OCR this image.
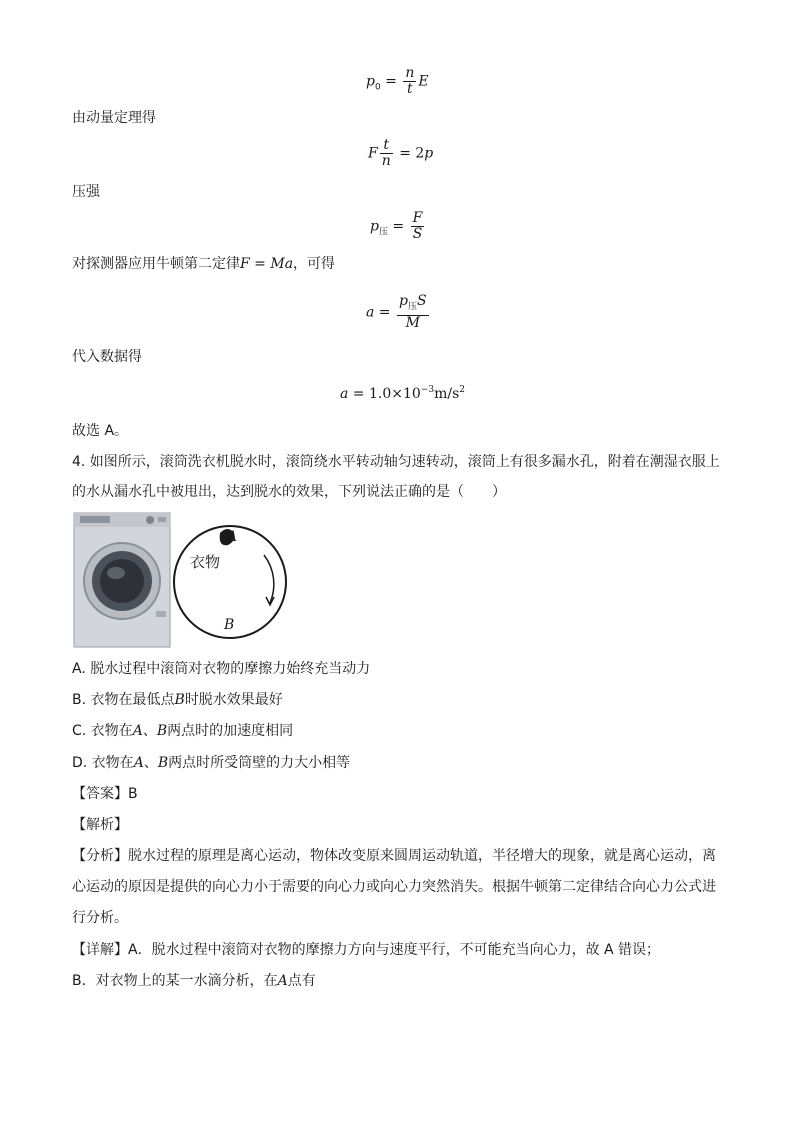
$p_0 = \frac{n}{t}$ E
由动量定理得
F $\frac{t}{n} = 2p$
压强
$p_压 = \frac{F}{S}$
对探测器应用牛顿第二定律F = Ma，可得
$a = \frac{p_压S}{M}$
代入数据得
$a = 1.0\times 10^{-3}m/s^2$
故选 A。
4. 如图所示，滚筒洗衣机脱水时，滚筒绕水平转动轴匀速转动，滚筒上有很多漏水孔，附着在潮湿衣服上
的水从漏水孔中被甩出，达到脱水的效果，下列说法正确的是（　　）
衣物
A
B
A. 脱水过程中滚筒对衣物的摩擦力始终充当动力
B. 衣物在最低点B时脱水效果最好
C. 衣物在A、B两点时的加速度相同
D. 衣物在A、B两点时所受筒壁的力大小相等
【答案】B
【解析】
【分析】脱水过程的原理是离心运动，物体改变原来圆周运动轨道，半径增大的现象，就是离心运动，离
心运动的原因是提供的向心力小于需要的向心力或向心力突然消失。根据牛顿第二定律结合向心力公式进
行分析。
【详解】A．脱水过程中滚筒对衣物的摩擦力方向与速度平行，不可能充当向心力，故 A 错误；
B．对衣物上的某一水滴分析，在A点有
